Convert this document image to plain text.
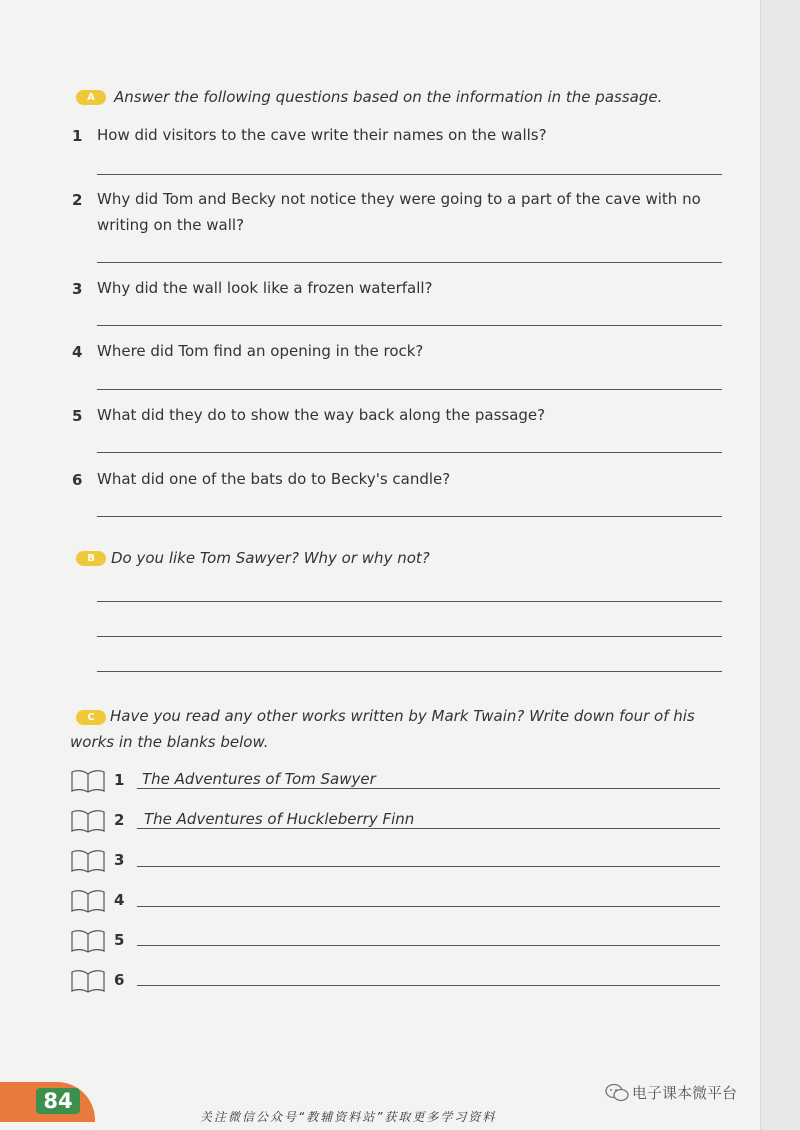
A	Answer the following questions based on the information in the passage.
1 How did visitors to the cave write their names on the walls?
2 Why did Tom and Becky not notice they were going to a part of the cave with no writing on the wall?
3 Why did the wall look like a frozen waterfall?
4 Where did Tom find an opening in the rock?
5 What did they do to show the way back along the passage?
6 What did one of the bats do to Becky's candle?
B	Do you like Tom Sawyer? Why or why not?
C	Have you read any other works written by Mark Twain? Write down four of his works in the blanks below.
1 The Adventures of Tom Sawyer
2 The Adventures of Huckleberry Finn
3
4
5
6
84	电子课本微平台
关注微信公众号“教辅资料站”获取更多学习资料
